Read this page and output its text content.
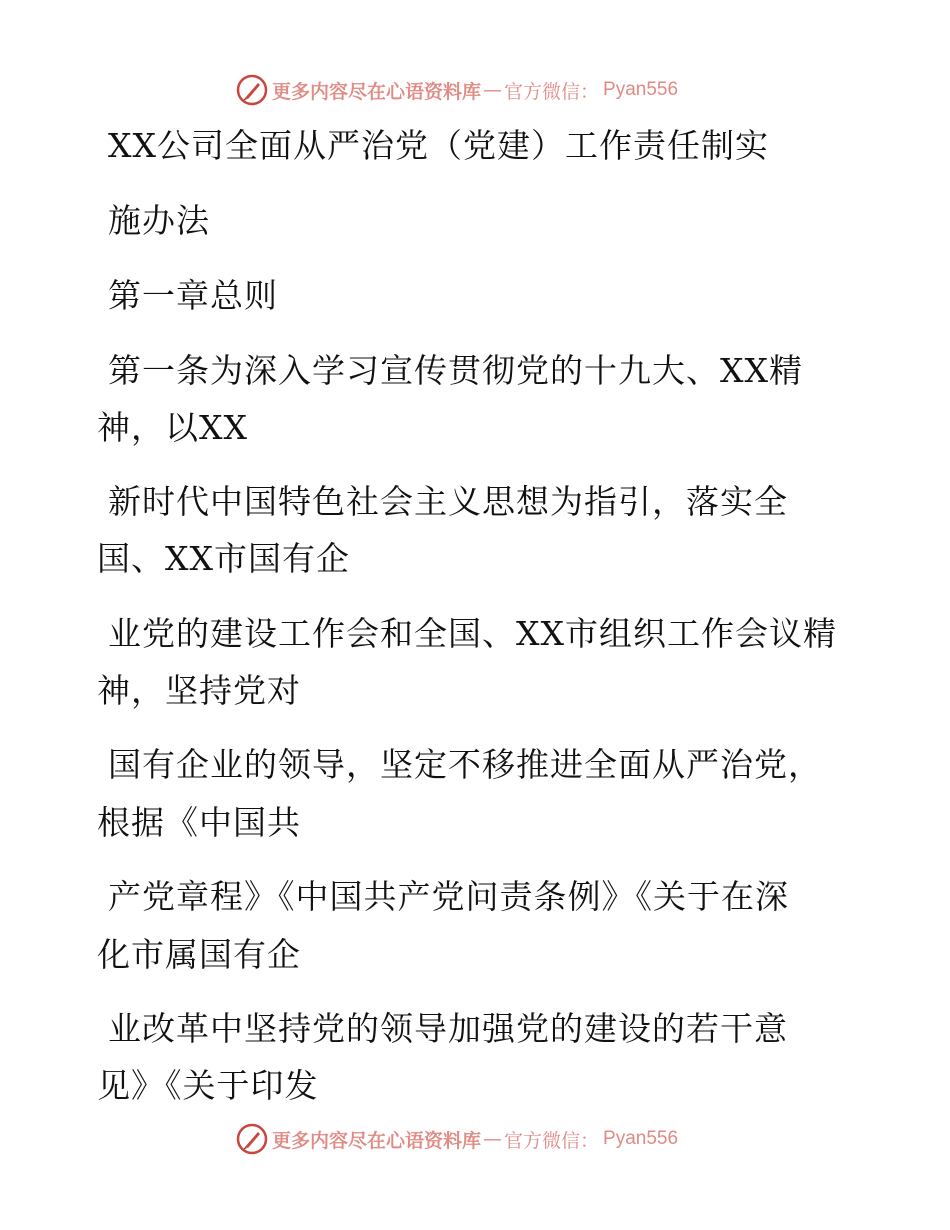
更多内容尽在心语资料库 — 官方微信： Pyan556
XX公司全面从严治党（党建）工作责任制实
施办法
第一章总则
第一条为深入学习宣传贯彻党的十九大、XX精
神，以XX
新时代中国特色社会主义思想为指引，落实全
国、XX市国有企
业党的建设工作会和全国、XX市组织工作会议精
神，坚持党对
国有企业的领导，坚定不移推进全面从严治党，
根据《中国共
产党章程》《中国共产党问责条例》《关于在深
化市属国有企
业改革中坚持党的领导加强党的建设的若干意
见》《关于印发
更多内容尽在心语资料库 — 官方微信： Pyan556
